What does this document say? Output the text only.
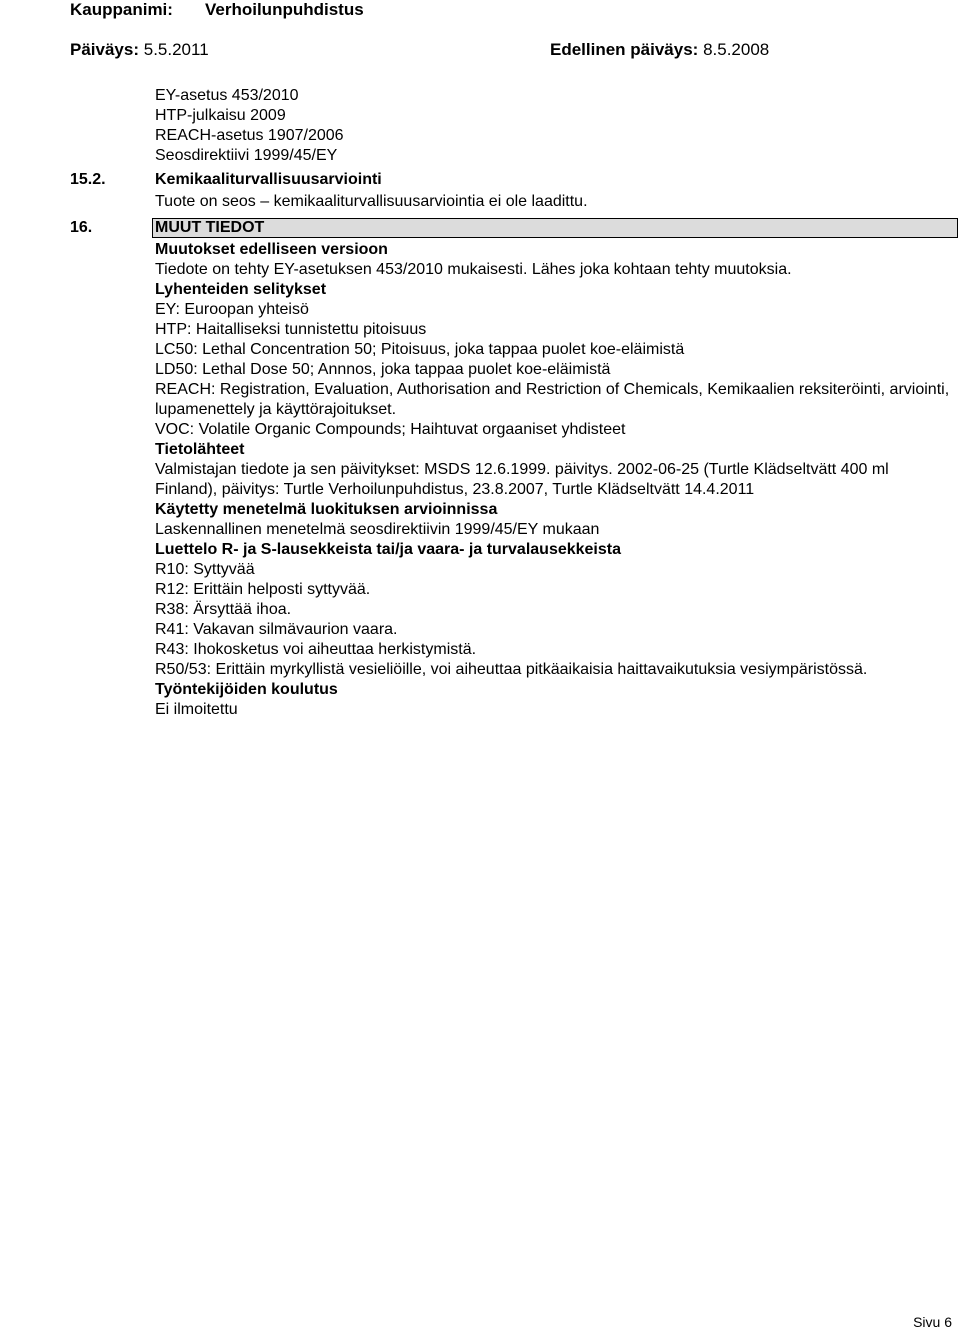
Kauppanimi: Verhoilunpuhdistus
Päiväys: 5.5.2011	Edellinen päiväys: 8.5.2008
EY-asetus 453/2010
HTP-julkaisu 2009
REACH-asetus 1907/2006
Seosdirektiivi 1999/45/EY
15.2.	Kemikaaliturvallisuusarviointi
Tuote on seos – kemikaaliturvallisuusarviointia ei ole laadittu.
16.	MUUT TIEDOT
Muutokset edelliseen versioon
Tiedote on tehty EY-asetuksen 453/2010 mukaisesti. Lähes joka kohtaan tehty muutoksia.
Lyhenteiden selitykset
EY: Euroopan yhteisö
HTP: Haitalliseksi tunnistettu pitoisuus
LC50: Lethal Concentration 50; Pitoisuus, joka tappaa puolet koe-eläimistä
LD50: Lethal Dose 50; Annnos, joka tappaa puolet koe-eläimistä
REACH: Registration, Evaluation, Authorisation and Restriction of Chemicals, Kemikaalien reksiteröinti, arviointi, lupamenettely ja käyttörajoitukset.
VOC: Volatile Organic Compounds; Haihtuvat orgaaniset yhdisteet
Tietolähteet
Valmistajan tiedote ja sen päivitykset: MSDS 12.6.1999. päivitys. 2002-06-25 (Turtle Klädseltvätt 400 ml Finland), päivitys: Turtle Verhoilunpuhdistus, 23.8.2007, Turtle Klädseltvätt 14.4.2011
Käytetty menetelmä luokituksen arvioinnissa
Laskennallinen menetelmä seosdirektiivin 1999/45/EY mukaan
Luettelo R- ja S-lausekkeista tai/ja vaara- ja turvalausekkeista
R10: Syttyvää
R12: Erittäin helposti syttyvää.
R38: Ärsyttää ihoa.
R41: Vakavan silmävaurion vaara.
R43: Ihokosketus voi aiheuttaa herkistymistä.
R50/53: Erittäin myrkyllistä vesieliöille, voi aiheuttaa pitkäaikaisia haittavaikutuksia vesiympäristössä.
Työntekijöiden koulutus
Ei ilmoitettu
Sivu 6
